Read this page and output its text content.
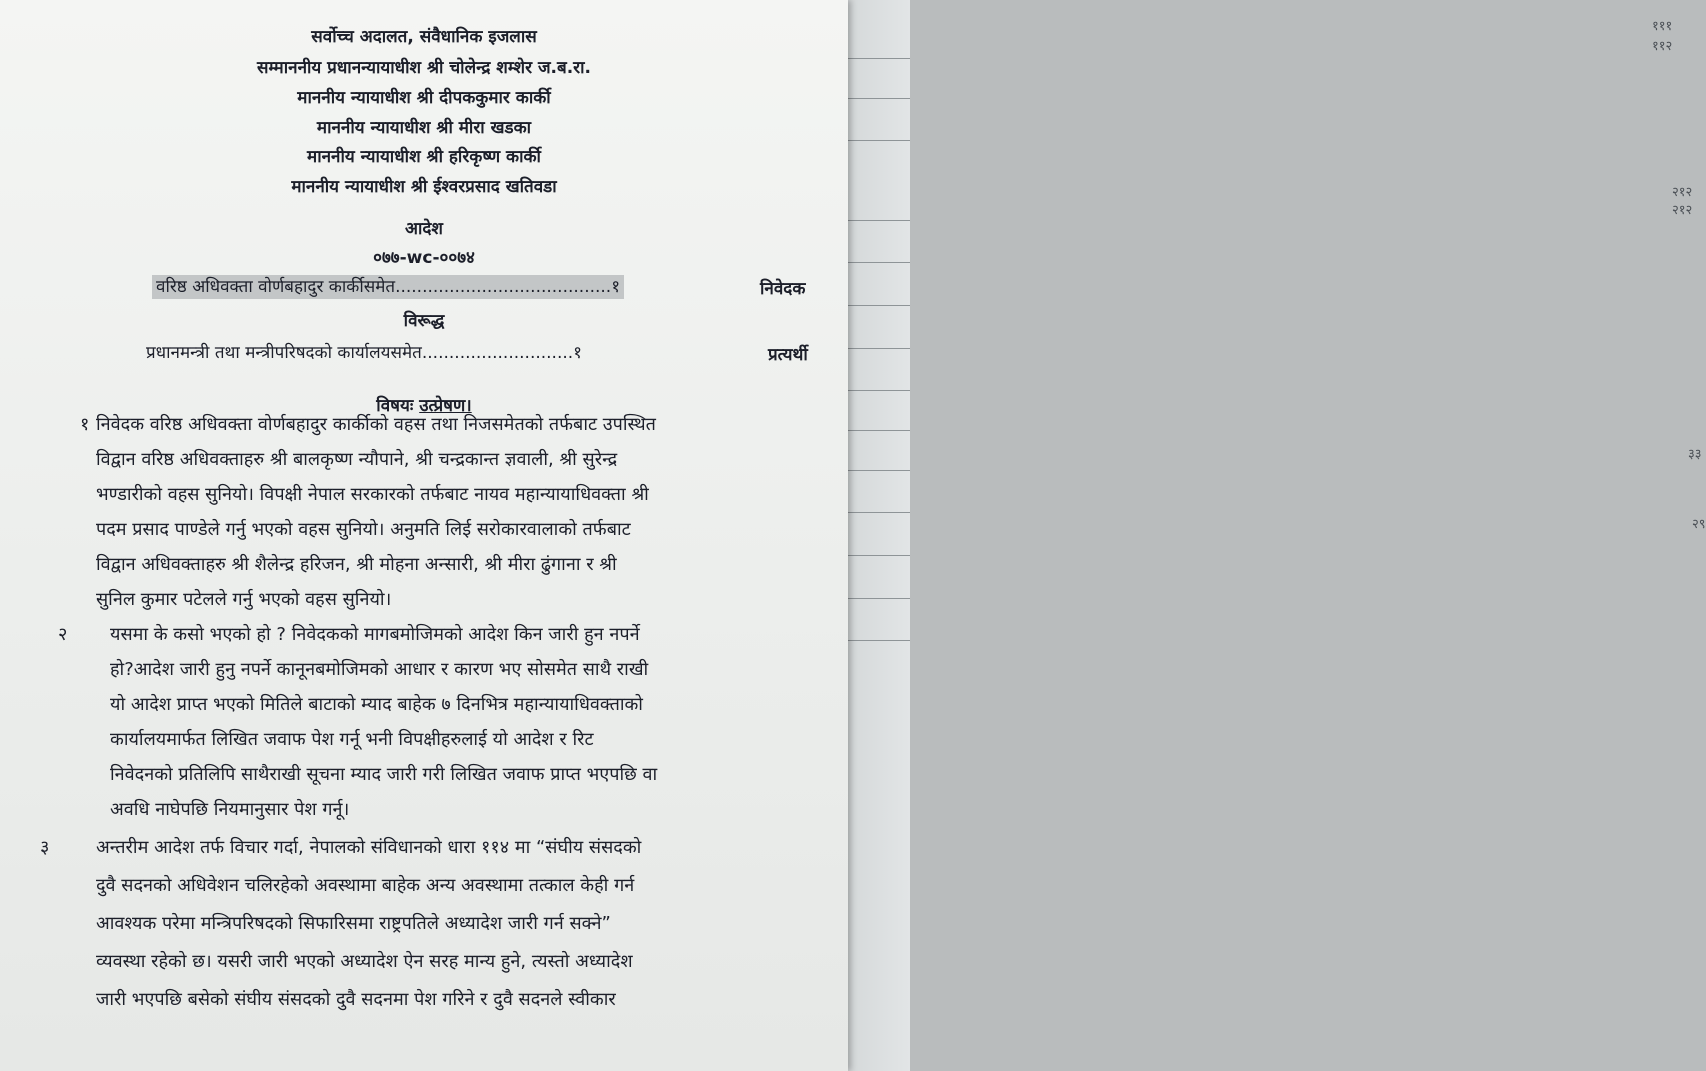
१११
११२
२१२
२१२
३३
२९
सर्वोच्च अदालत, संवैधानिक इजलास
सम्माननीय प्रधानन्यायाधीश श्री चोलेन्द्र शम्शेर ज.ब.रा.
माननीय न्यायाधीश श्री दीपककुमार कार्की
माननीय न्यायाधीश श्री मीरा खडका
माननीय न्यायाधीश श्री हरिकृष्ण कार्की
माननीय न्यायाधीश श्री ईश्वरप्रसाद खतिवडा
आदेश
०७७-wc-००७४
वरिष्ठ अधिवक्ता वोर्णबहादुर कार्कीसमेत........................................१	निवेदक
विरूद्ध
प्रधानमन्त्री तथा मन्त्रीपरिषदको कार्यालयसमेत............................१	प्रत्यर्थी
विषयः उत्प्रेषण।
१ निवेदक वरिष्ठ अधिवक्ता वोर्णबहादुर कार्कीको वहस तथा निजसमेतको तर्फबाट उपस्थित
विद्वान वरिष्ठ अधिवक्ताहरु श्री बालकृष्ण न्यौपाने, श्री चन्द्रकान्त ज्ञवाली, श्री सुरेन्द्र
भण्डारीको वहस सुनियो। विपक्षी नेपाल सरकारको तर्फबाट नायव महान्यायाधिवक्ता श्री
पदम प्रसाद पाण्डेले गर्नु भएको वहस सुनियो। अनुमति लिई सरोकारवालाको तर्फबाट
विद्वान अधिवक्ताहरु श्री शैलेन्द्र हरिजन, श्री मोहना अन्सारी, श्री मीरा ढुंगाना र श्री
सुनिल कुमार पटेलले गर्नु भएको वहस सुनियो।
२ यसमा के कसो भएको हो ? निवेदकको मागबमोजिमको आदेश किन जारी हुन नपर्ने
हो?आदेश जारी हुनु नपर्ने कानूनबमोजिमको आधार र कारण भए सोसमेत साथै राखी
यो आदेश प्राप्त भएको मितिले बाटाको म्याद बाहेक ७ दिनभित्र महान्यायाधिवक्ताको
कार्यालयमार्फत लिखित जवाफ पेश गर्नू भनी विपक्षीहरुलाई यो आदेश र रिट
निवेदनको प्रतिलिपि साथैराखी सूचना म्याद जारी गरी लिखित जवाफ प्राप्त भएपछि वा
अवधि नाघेपछि नियमानुसार पेश गर्नू।
३	अन्तरीम आदेश तर्फ विचार गर्दा, नेपालको संविधानको धारा ११४ मा “संघीय संसदको
दुवै सदनको अधिवेशन चलिरहेको अवस्थामा बाहेक अन्य अवस्थामा तत्काल केही गर्न
आवश्यक परेमा मन्त्रिपरिषदको सिफारिसमा राष्ट्रपतिले अध्यादेश जारी गर्न सक्ने”
व्यवस्था रहेको छ। यसरी जारी भएको अध्यादेश ऐन सरह मान्य हुने, त्यस्तो अध्यादेश
जारी भएपछि बसेको संघीय संसदको दुवै सदनमा पेश गरिने र दुवै सदनले स्वीकार
